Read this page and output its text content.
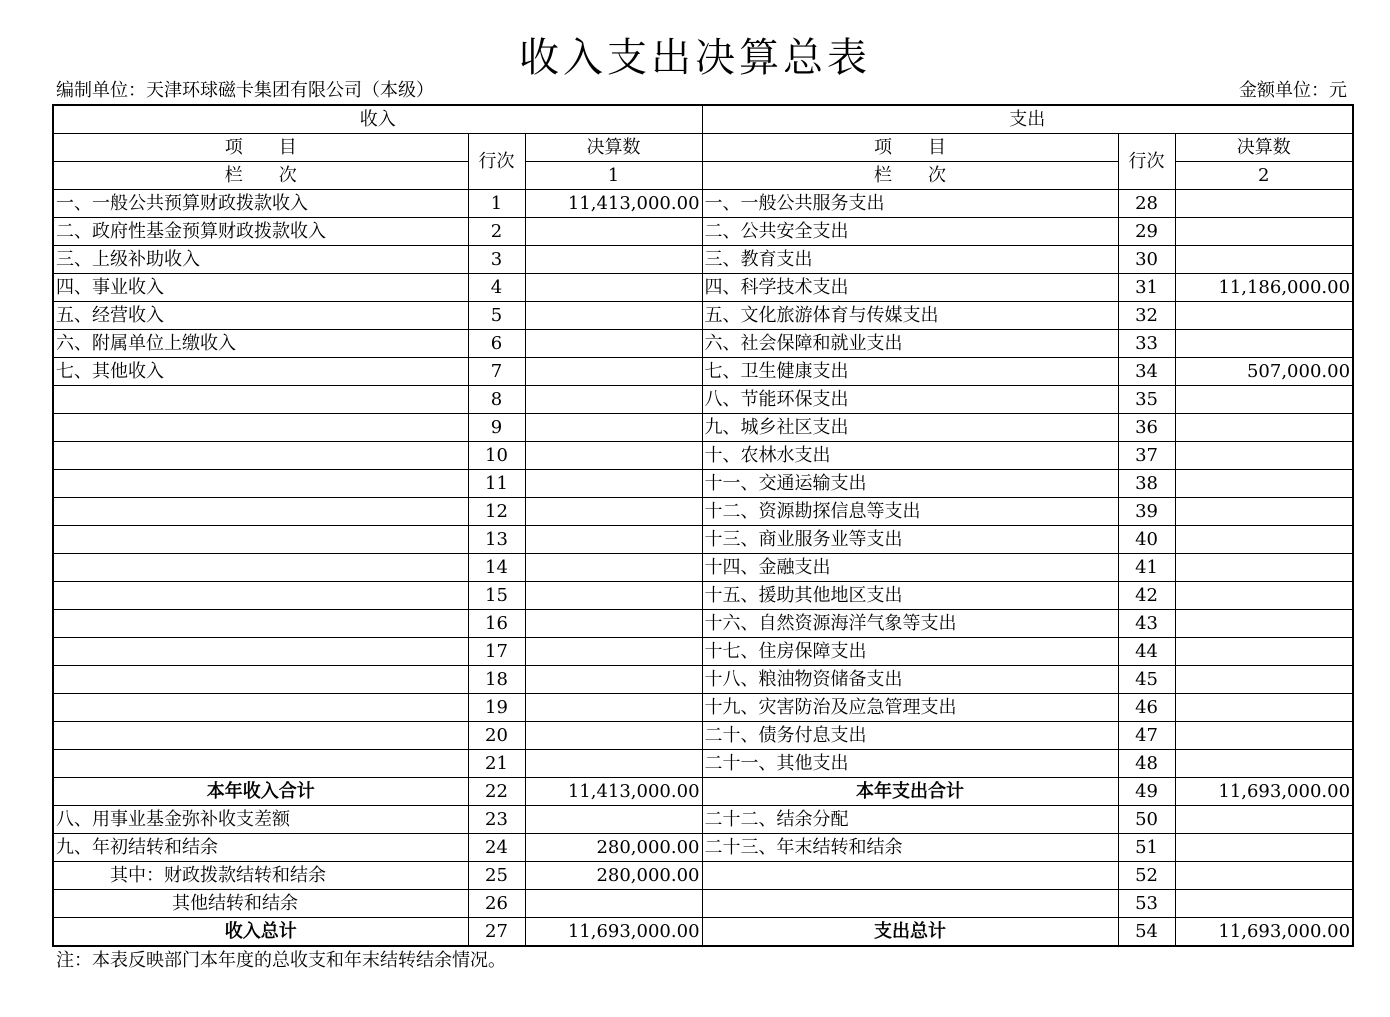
收入支出决算总表
编制单位：天津环球磁卡集团有限公司（本级）	金额单位：元
收入			支出		
项　　目	行次	决算数	项　　目	行次	决算数
栏　　次		1	栏　　次		2
一、一般公共预算财政拨款收入	1	11,413,000.00	一、一般公共服务支出	28	
二、政府性基金预算财政拨款收入	2		二、公共安全支出	29	
三、上级补助收入	3		三、教育支出	30	
四、事业收入	4		四、科学技术支出	31	11,186,000.00
五、经营收入	5		五、文化旅游体育与传媒支出	32	
六、附属单位上缴收入	6		六、社会保障和就业支出	33	
七、其他收入	7		七、卫生健康支出	34	507,000.00
	8		八、节能环保支出	35	
	9		九、城乡社区支出	36	
	10		十、农林水支出	37	
	11		十一、交通运输支出	38	
	12		十二、资源勘探信息等支出	39	
	13		十三、商业服务业等支出	40	
	14		十四、金融支出	41	
	15		十五、援助其他地区支出	42	
	16		十六、自然资源海洋气象等支出	43	
	17		十七、住房保障支出	44	
	18		十八、粮油物资储备支出	45	
	19		十九、灾害防治及应急管理支出	46	
	20		二十、债务付息支出	47	
	21		二十一、其他支出	48	
本年收入合计	22	11,413,000.00	本年支出合计	49	11,693,000.00
八、用事业基金弥补收支差额	23		二十二、结余分配	50	
九、年初结转和结余	24	280,000.00	二十三、年末结转和结余	51	
其中：财政拨款结转和结余	25	280,000.00		52	
其他结转和结余	26			53	
收入总计	27	11,693,000.00	支出总计	54	11,693,000.00
注：本表反映部门本年度的总收支和年末结转结余情况。
